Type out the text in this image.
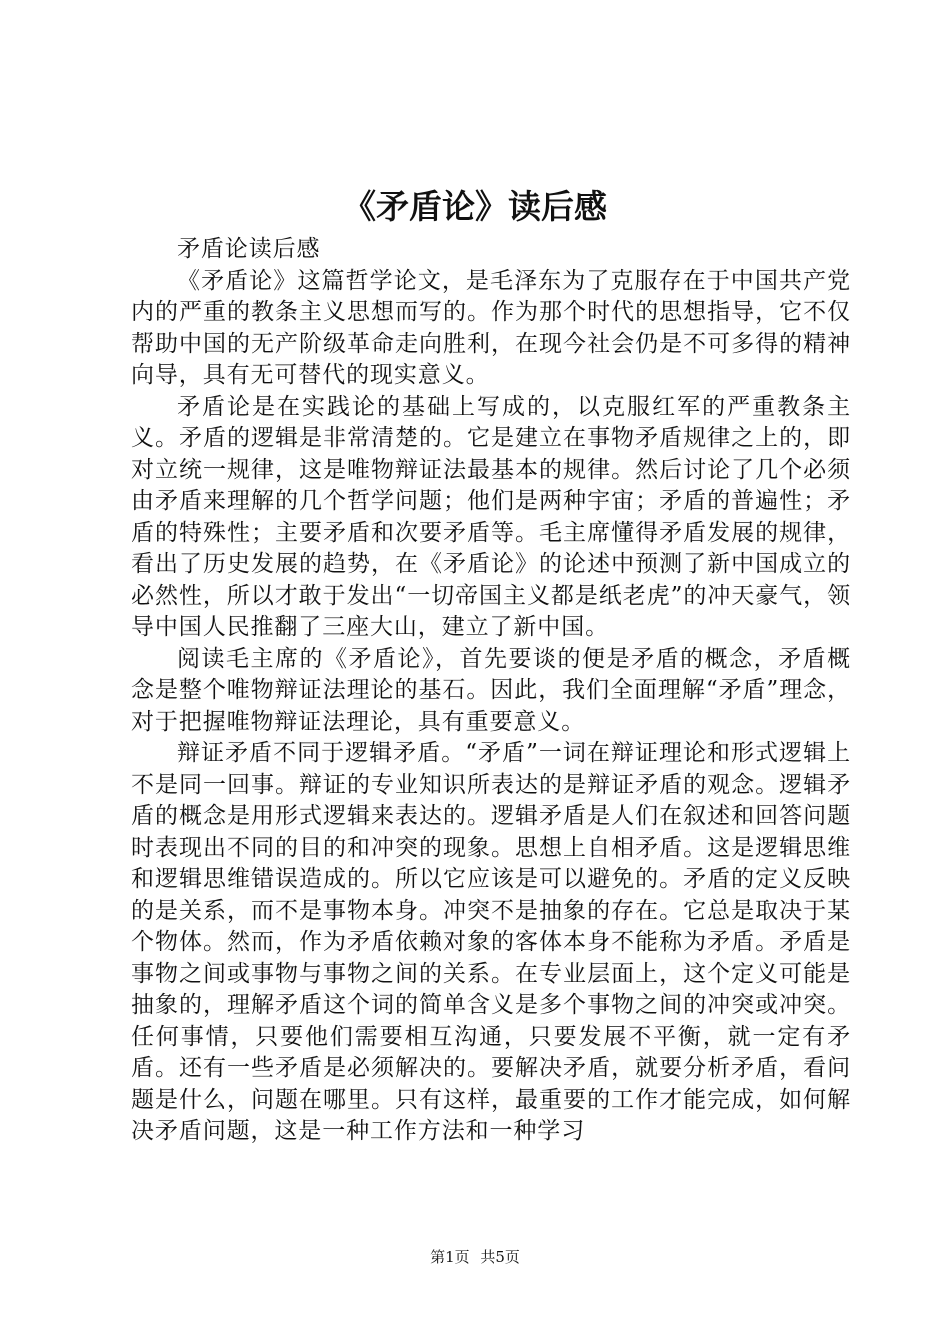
《矛盾论》读后感

矛盾论读后感

《矛盾论》这篇哲学论文，是毛泽东为了克服存在于中国共产党内的严重的教条主义思想而写的。作为那个时代的思想指导，它不仅帮助中国的无产阶级革命走向胜利，在现今社会仍是不可多得的精神向导，具有无可替代的现实意义。

矛盾论是在实践论的基础上写成的，以克服红军的严重教条主义。矛盾的逻辑是非常清楚的。它是建立在事物矛盾规律之上的，即对立统一规律，这是唯物辩证法最基本的规律。然后讨论了几个必须由矛盾来理解的几个哲学问题；他们是两种宇宙；矛盾的普遍性；矛盾的特殊性；主要矛盾和次要矛盾等。毛主席懂得矛盾发展的规律，看出了历史发展的趋势，在《矛盾论》的论述中预测了新中国成立的必然性，所以才敢于发出“一切帝国主义都是纸老虎”的冲天豪气，领导中国人民推翻了三座大山，建立了新中国。

阅读毛主席的《矛盾论》，首先要谈的便是矛盾的概念，矛盾概念是整个唯物辩证法理论的基石。因此，我们全面理解“矛盾”理念，对于把握唯物辩证法理论，具有重要意义。

辩证矛盾不同于逻辑矛盾。“矛盾”一词在辩证理论和形式逻辑上不是同一回事。辩证的专业知识所表达的是辩证矛盾的观念。逻辑矛盾的概念是用形式逻辑来表达的。逻辑矛盾是人们在叙述和回答问题时表现出不同的目的和冲突的现象。思想上自相矛盾。这是逻辑思维和逻辑思维错误造成的。所以它应该是可以避免的。矛盾的定义反映的是关系，而不是事物本身。冲突不是抽象的存在。它总是取决于某个物体。然而，作为矛盾依赖对象的客体本身不能称为矛盾。矛盾是事物之间或事物与事物之间的关系。在专业层面上，这个定义可能是抽象的，理解矛盾这个词的简单含义是多个事物之间的冲突或冲突。任何事情，只要他们需要相互沟通，只要发展不平衡，就一定有矛盾。还有一些矛盾是必须解决的。要解决矛盾，就要分析矛盾，看问题是什么，问题在哪里。只有这样，最重要的工作才能完成，如何解决矛盾问题，这是一种工作方法和一种学习

第1页 共5页
